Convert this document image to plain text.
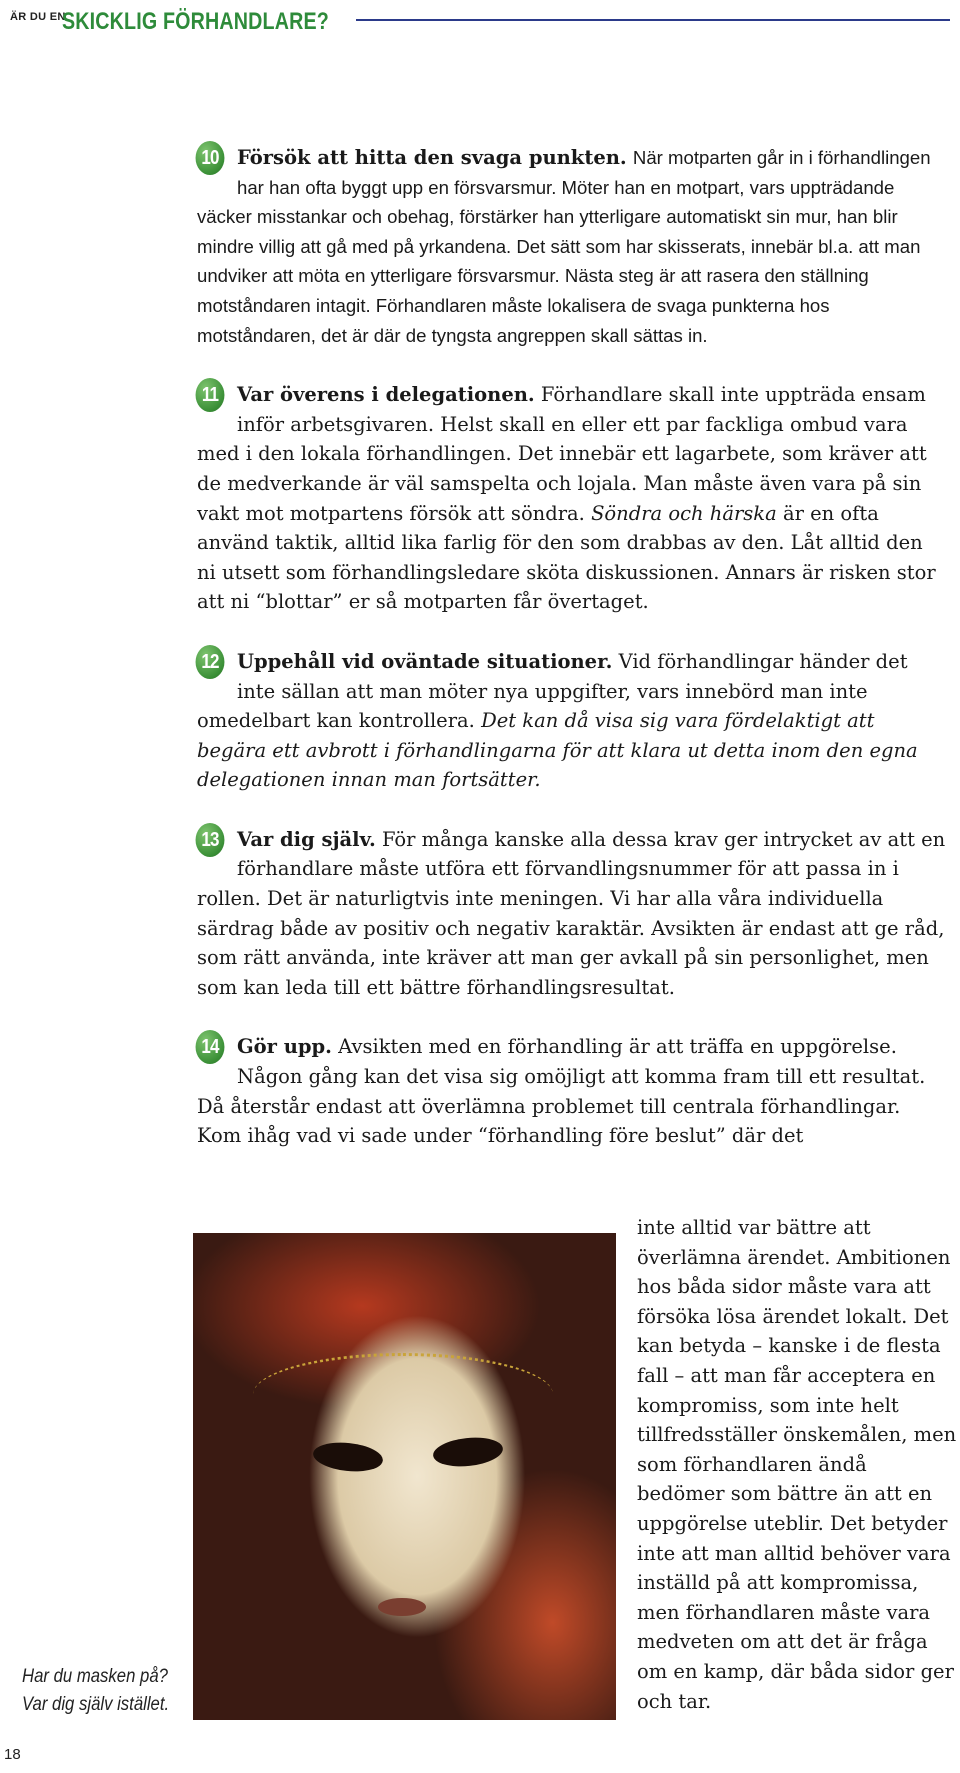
ÄR DU EN
SKICKLIG FÖRHANDLARE?

10 Försök att hitta den svaga punkten. När motparten går in i förhandlingen har han ofta byggt upp en försvarsmur. Möter han en motpart, vars uppträdande väcker misstankar och obehag, förstärker han ytterligare automatiskt sin mur, han blir mindre villig att gå med på yrkandena. Det sätt som har skisserats, innebär bl.a. att man undviker att möta en ytterligare försvarsmur. Nästa steg är att rasera den ställning motståndaren intagit. Förhandlaren måste lokalisera de svaga punkterna hos motståndaren, det är där de tyngsta angreppen skall sättas in.

11 Var överens i delegationen. Förhandlare skall inte uppträda ensam inför arbetsgivaren. Helst skall en eller ett par fackliga ombud vara med i den lokala förhandlingen. Det innebär ett lagarbete, som kräver att de medverkande är väl samspelta och lojala. Man måste även vara på sin vakt mot motpartens försök att söndra. Söndra och härska är en ofta använd taktik, alltid lika farlig för den som drabbas av den. Låt alltid den ni utsett som förhandlingsledare sköta diskussionen. Annars är risken stor att ni “blottar” er så motparten får övertaget.

12 Uppehåll vid oväntade situationer. Vid förhandlingar händer det inte sällan att man möter nya uppgifter, vars innebörd man inte omedelbart kan kontrollera. Det kan då visa sig vara fördelaktigt att begära ett avbrott i förhandlingarna för att klara ut detta inom den egna delegationen innan man fortsätter.

13 Var dig själv. För många kanske alla dessa krav ger intrycket av att en förhandlare måste utföra ett förvandlingsnummer för att passa in i rollen. Det är naturligtvis inte meningen. Vi har alla våra individuella särdrag både av positiv och negativ karaktär. Avsikten är endast att ge råd, som rätt använda, inte kräver att man ger avkall på sin personlighet, men som kan leda till ett bättre förhandlingsresultat.

14 Gör upp. Avsikten med en förhandling är att träffa en uppgörelse. Någon gång kan det visa sig omöjligt att komma fram till ett resultat. Då återstår endast att överlämna problemet till centrala förhandlingar. Kom ihåg vad vi sade under “förhandling före beslut” där det

inte alltid var bättre att överlämna ärendet. Ambitionen hos båda sidor måste vara att försöka lösa ärendet lokalt. Det kan betyda – kanske i de flesta fall – att man får acceptera en kompromiss, som inte helt tillfredsställer önskemålen, men som förhandlaren ändå bedömer som bättre än att en uppgörelse uteblir. Det betyder inte att man alltid behöver vara inställd på att kompromissa, men förhandlaren måste vara medveten om att det är fråga om en kamp, där båda sidor ger och tar.

Har du masken på?
Var dig själv istället.
18
